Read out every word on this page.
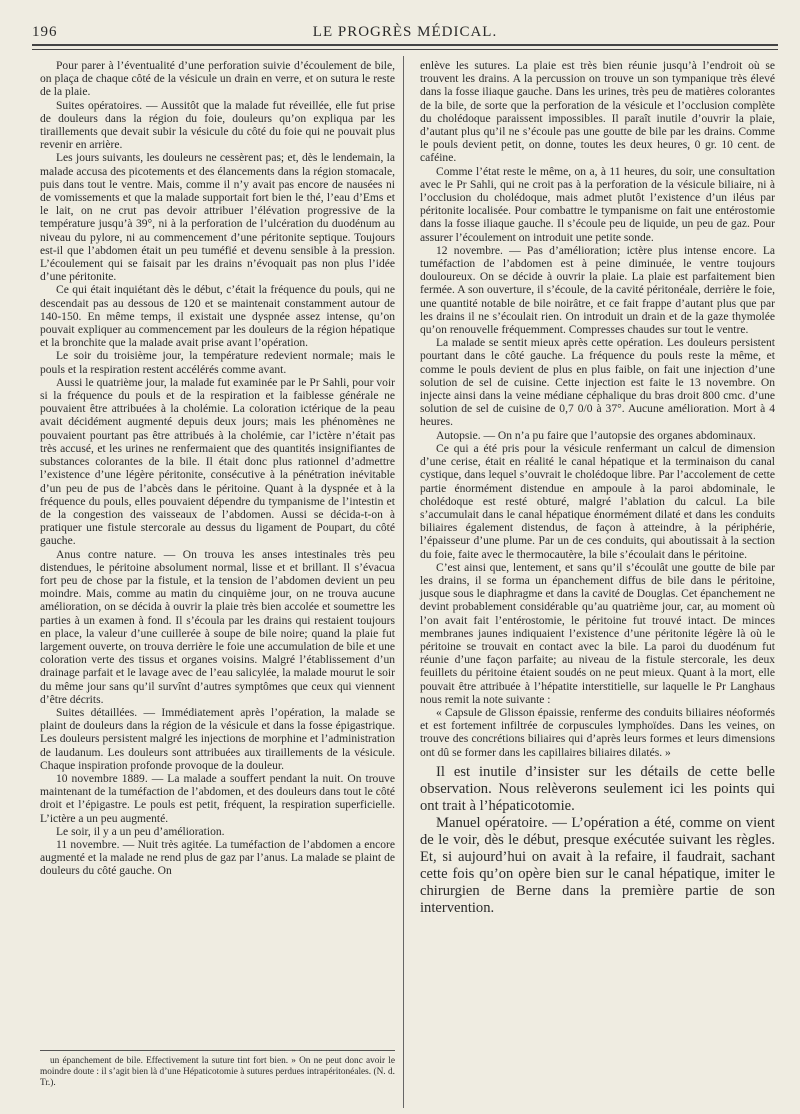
196	LE PROGRÈS MÉDICAL.

Pour parer à l’éventualité d’une perforation suivie d’écoulement de bile, on plaça de chaque côté de la vésicule un drain en verre, et on sutura le reste de la plaie.

Suites opératoires. — Aussitôt que la malade fut réveillée, elle fut prise de douleurs dans la région du foie, douleurs qu’on expliqua par les tiraillements que devait subir la vésicule du côté du foie qui ne pouvait plus revenir en arrière.

Les jours suivants, les douleurs ne cessèrent pas; et, dès le lendemain, la malade accusa des picotements et des élancements dans la région stomacale, puis dans tout le ventre. Mais, comme il n’y avait pas encore de nausées ni de vomissements et que la malade supportait fort bien le thé, l’eau d’Ems et le lait, on ne crut pas devoir attribuer l’élévation progressive de la température jusqu’à 39°, ni à la perforation de l’ulcération du duodénum au niveau du pylore, ni au commencement d’une péritonite septique. Toujours est-il que l’abdomen était un peu tuméfié et devenu sensible à la pression. L’écoulement qui se faisait par les drains n’évoquait pas non plus l’idée d’une péritonite.

Ce qui était inquiétant dès le début, c’était la fréquence du pouls, qui ne descendait pas au dessous de 120 et se maintenait constamment autour de 140-150. En même temps, il existait une dyspnée assez intense, qu’on pouvait expliquer au commencement par les douleurs de la région hépatique et la bronchite que la malade avait prise avant l’opération.

Le soir du troisième jour, la température redevient normale; mais le pouls et la respiration restent accélérés comme avant.

Aussi le quatrième jour, la malade fut examinée par le Pr Sahli, pour voir si la fréquence du pouls et de la respiration et la faiblesse générale ne pouvaient être attribuées à la cholémie. La coloration ictérique de la peau avait décidément augmenté depuis deux jours; mais les phénomènes ne pouvaient pourtant pas être attribués à la cholémie, car l’ictère n’était pas très accusé, et les urines ne renfermaient que des quantités insignifiantes de substances colorantes de la bile. Il était donc plus rationnel d’admettre l’existence d’une légère péritonite, consécutive à la pénétration inévitable d’un peu de pus de l’abcès dans le péritoine. Quant à la dyspnée et à la fréquence du pouls, elles pouvaient dépendre du tympanisme de l’intestin et de la congestion des vaisseaux de l’abdomen. Aussi se décida-t-on à pratiquer une fistule stercorale au dessus du ligament de Poupart, du côté gauche.

Anus contre nature. — On trouva les anses intestinales très peu distendues, le péritoine absolument normal, lisse et et brillant. Il s’évacua fort peu de chose par la fistule, et la tension de l’abdomen devient un peu moindre. Mais, comme au matin du cinquième jour, on ne trouva aucune amélioration, on se décida à ouvrir la plaie très bien accolée et soumettre les parties à un examen à fond. Il s’écoula par les drains qui restaient toujours en place, la valeur d’une cuillerée à soupe de bile noire; quand la plaie fut largement ouverte, on trouva derrière le foie une accumulation de bile et une coloration verte des tissus et organes voisins. Malgré l’établissement d’un drainage parfait et le lavage avec de l’eau salicylée, la malade mourut le soir du même jour sans qu’il survînt d’autres symptômes que ceux qui viennent d’être décrits.

Suites détaillées. — Immédiatement après l’opération, la malade se plaint de douleurs dans la région de la vésicule et dans la fosse épigastrique. Les douleurs persistent malgré les injections de morphine et l’administration de laudanum. Les douleurs sont attribuées aux tiraillements de la vésicule. Chaque inspiration profonde provoque de la douleur.

10 novembre 1889. — La malade a souffert pendant la nuit. On trouve maintenant de la tuméfaction de l’abdomen, et des douleurs dans tout le côté droit et l’épigastre. Le pouls est petit, fréquent, la respiration superficielle. L’ictère a un peu augmenté.

Le soir, il y a un peu d’amélioration.

11 novembre. — Nuit très agitée. La tuméfaction de l’abdomen a encore augmenté et la malade ne rend plus de gaz par l’anus. La malade se plaint de douleurs du côté gauche. On

enlève les sutures. La plaie est très bien réunie jusqu’à l’endroit où se trouvent les drains. A la percussion on trouve un son tympanique très élevé dans la fosse iliaque gauche. Dans les urines, très peu de matières colorantes de la bile, de sorte que la perforation de la vésicule et l’occlusion complète du cholédoque paraissent impossibles. Il paraît inutile d’ouvrir la plaie, d’autant plus qu’il ne s’écoule pas une goutte de bile par les drains. Comme le pouls devient petit, on donne, toutes les deux heures, 0 gr. 10 cent. de caféine.

Comme l’état reste le même, on a, à 11 heures, du soir, une consultation avec le Pr Sahli, qui ne croit pas à la perforation de la vésicule biliaire, ni à l’occlusion du cholédoque, mais admet plutôt l’existence d’un iléus par péritonite localisée. Pour combattre le tympanisme on fait une entérostomie dans la fosse iliaque gauche. Il s’écoule peu de liquide, un peu de gaz. Pour assurer l’écoulement on introduit une petite sonde.

12 novembre. — Pas d’amélioration; ictère plus intense encore. La tuméfaction de l’abdomen est à peine diminuée, le ventre toujours douloureux. On se décide à ouvrir la plaie. La plaie est parfaitement bien fermée. A son ouverture, il s’écoule, de la cavité péritonéale, derrière le foie, une quantité notable de bile noirâtre, et ce fait frappe d’autant plus que par les drains il ne s’écoulait rien. On introduit un drain et de la gaze thymolée qu’on renouvelle fréquemment. Compresses chaudes sur tout le ventre.

La malade se sentit mieux après cette opération. Les douleurs persistent pourtant dans le côté gauche. La fréquence du pouls reste la même, et comme le pouls devient de plus en plus faible, on fait une injection d’une solution de sel de cuisine. Cette injection est faite le 13 novembre. On injecte ainsi dans la veine médiane céphalique du bras droit 800 cmc. d’une solution de sel de cuisine de 0,7 0/0 à 37°. Aucune amélioration. Mort à 4 heures.

Autopsie. — On n’a pu faire que l’autopsie des organes abdominaux.

Ce qui a été pris pour la vésicule renfermant un calcul de dimension d’une cerise, était en réalité le canal hépatique et la terminaison du canal cystique, dans lequel s’ouvrait le cholédoque libre. Par l’accolement de cette partie énormément distendue en ampoule à la paroi abdominale, le cholédoque est resté obturé, malgré l’ablation du calcul. La bile s’accumulait dans le canal hépatique énormément dilaté et dans les conduits biliaires également distendus, de façon à atteindre, à la périphérie, l’épaisseur d’une plume. Par un de ces conduits, qui aboutissait à la section du foie, faite avec le thermocautère, la bile s’écoulait dans le péritoine.

C’est ainsi que, lentement, et sans qu’il s’écoulât une goutte de bile par les drains, il se forma un épanchement diffus de bile dans le péritoine, jusque sous le diaphragme et dans la cavité de Douglas. Cet épanchement ne devint probablement considérable qu’au quatrième jour, car, au moment où l’on avait fait l’entérostomie, le péritoine fut trouvé intact. De minces membranes jaunes indiquaient l’existence d’une péritonite légère là où le péritoine se trouvait en contact avec la bile. La paroi du duodénum fut réunie d’une façon parfaite; au niveau de la fistule stercorale, les deux feuillets du péritoine étaient soudés on ne peut mieux. Quant à la mort, elle pouvait être attribuée à l’hépatite interstitielle, sur laquelle le Pr Langhaus nous remit la note suivante :

« Capsule de Glisson épaissie, renferme des conduits biliaires néoformés et est fortement infiltrée de corpuscules lymphoïdes. Dans les veines, on trouve des concrétions biliaires qui d’après leurs formes et leurs dimensions ont dû se former dans les capillaires biliaires dilatés. »

Il est inutile d’insister sur les détails de cette belle observation. Nous relèverons seulement ici les points qui ont trait à l’hépaticotomie.

Manuel opératoire. — L’opération a été, comme on vient de le voir, dès le début, presque exécutée suivant les règles. Et, si aujourd’hui on avait à la refaire, il faudrait, sachant cette fois qu’on opère bien sur le canal hépatique, imiter le chirurgien de Berne dans la première partie de son intervention.

un épanchement de bile. Effectivement la suture tint fort bien. » On ne peut donc avoir le moindre doute : il s’agit bien là d’une Hépaticotomie à sutures perdues intrapéritonéales. (N. d. Tr.).
